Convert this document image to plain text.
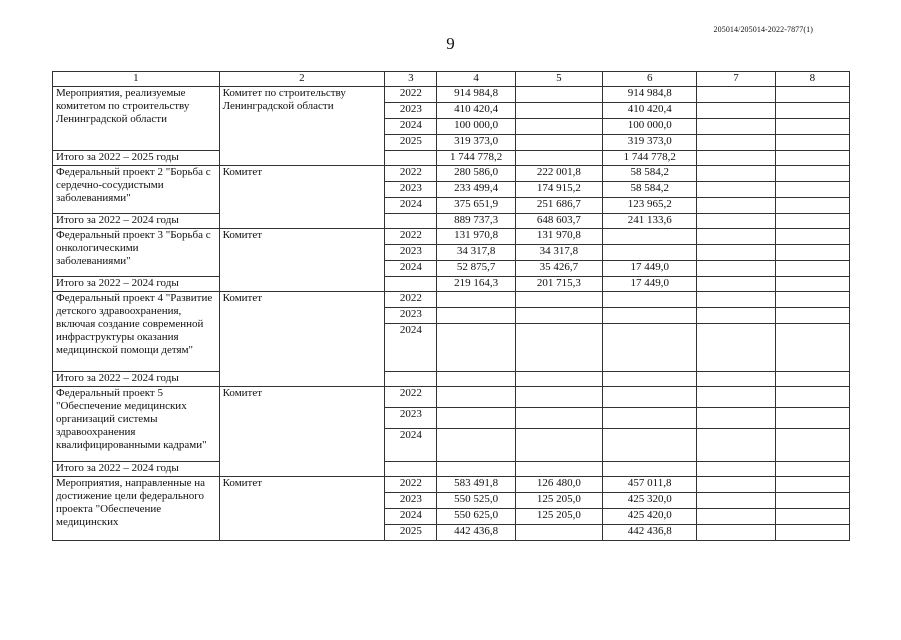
205014/205014-2022-7877(1)
9
1	2	3	4	5	6	7	8
Мероприятия, реализуемые комитетом по строительству Ленинградской области	Комитет по строительству Ленинградской области	2022	914 984,8		914 984,8		
		2023	410 420,4		410 420,4		
		2024	100 000,0		100 000,0		
		2025	319 373,0		319 373,0		
Итого за 2022 – 2025 годы			1 744 778,2		1 744 778,2		
Федеральный проект 2 "Борьба с сердечно-сосудистыми заболеваниями"	Комитет	2022	280 586,0	222 001,8	58 584,2		
		2023	233 499,4	174 915,2	58 584,2		
		2024	375 651,9	251 686,7	123 965,2		
Итого за 2022 – 2024 годы			889 737,3	648 603,7	241 133,6		
Федеральный проект 3 "Борьба с онкологическими заболеваниями"	Комитет	2022	131 970,8	131 970,8			
		2023	34 317,8	34 317,8			
		2024	52 875,7	35 426,7	17 449,0		
Итого за 2022 – 2024 годы			219 164,3	201 715,3	17 449,0		
Федеральный проект 4 "Развитие детского здравоохранения, включая создание современной инфраструктуры оказания медицинской помощи детям"	Комитет	2022					
		2023					
		2024					
Итого за 2022 – 2024 годы							
Федеральный проект 5 "Обеспечение медицинских организаций системы здравоохранения квалифицированными кадрами"	Комитет	2022					
		2023					
		2024					
Итого за 2022 – 2024 годы							
Мероприятия, направленные на достижение цели федерального проекта "Обеспечение медицинских	Комитет	2022	583 491,8	126 480,0	457 011,8		
		2023	550 525,0	125 205,0	425 320,0		
		2024	550 625,0	125 205,0	425 420,0		
		2025	442 436,8		442 436,8		
